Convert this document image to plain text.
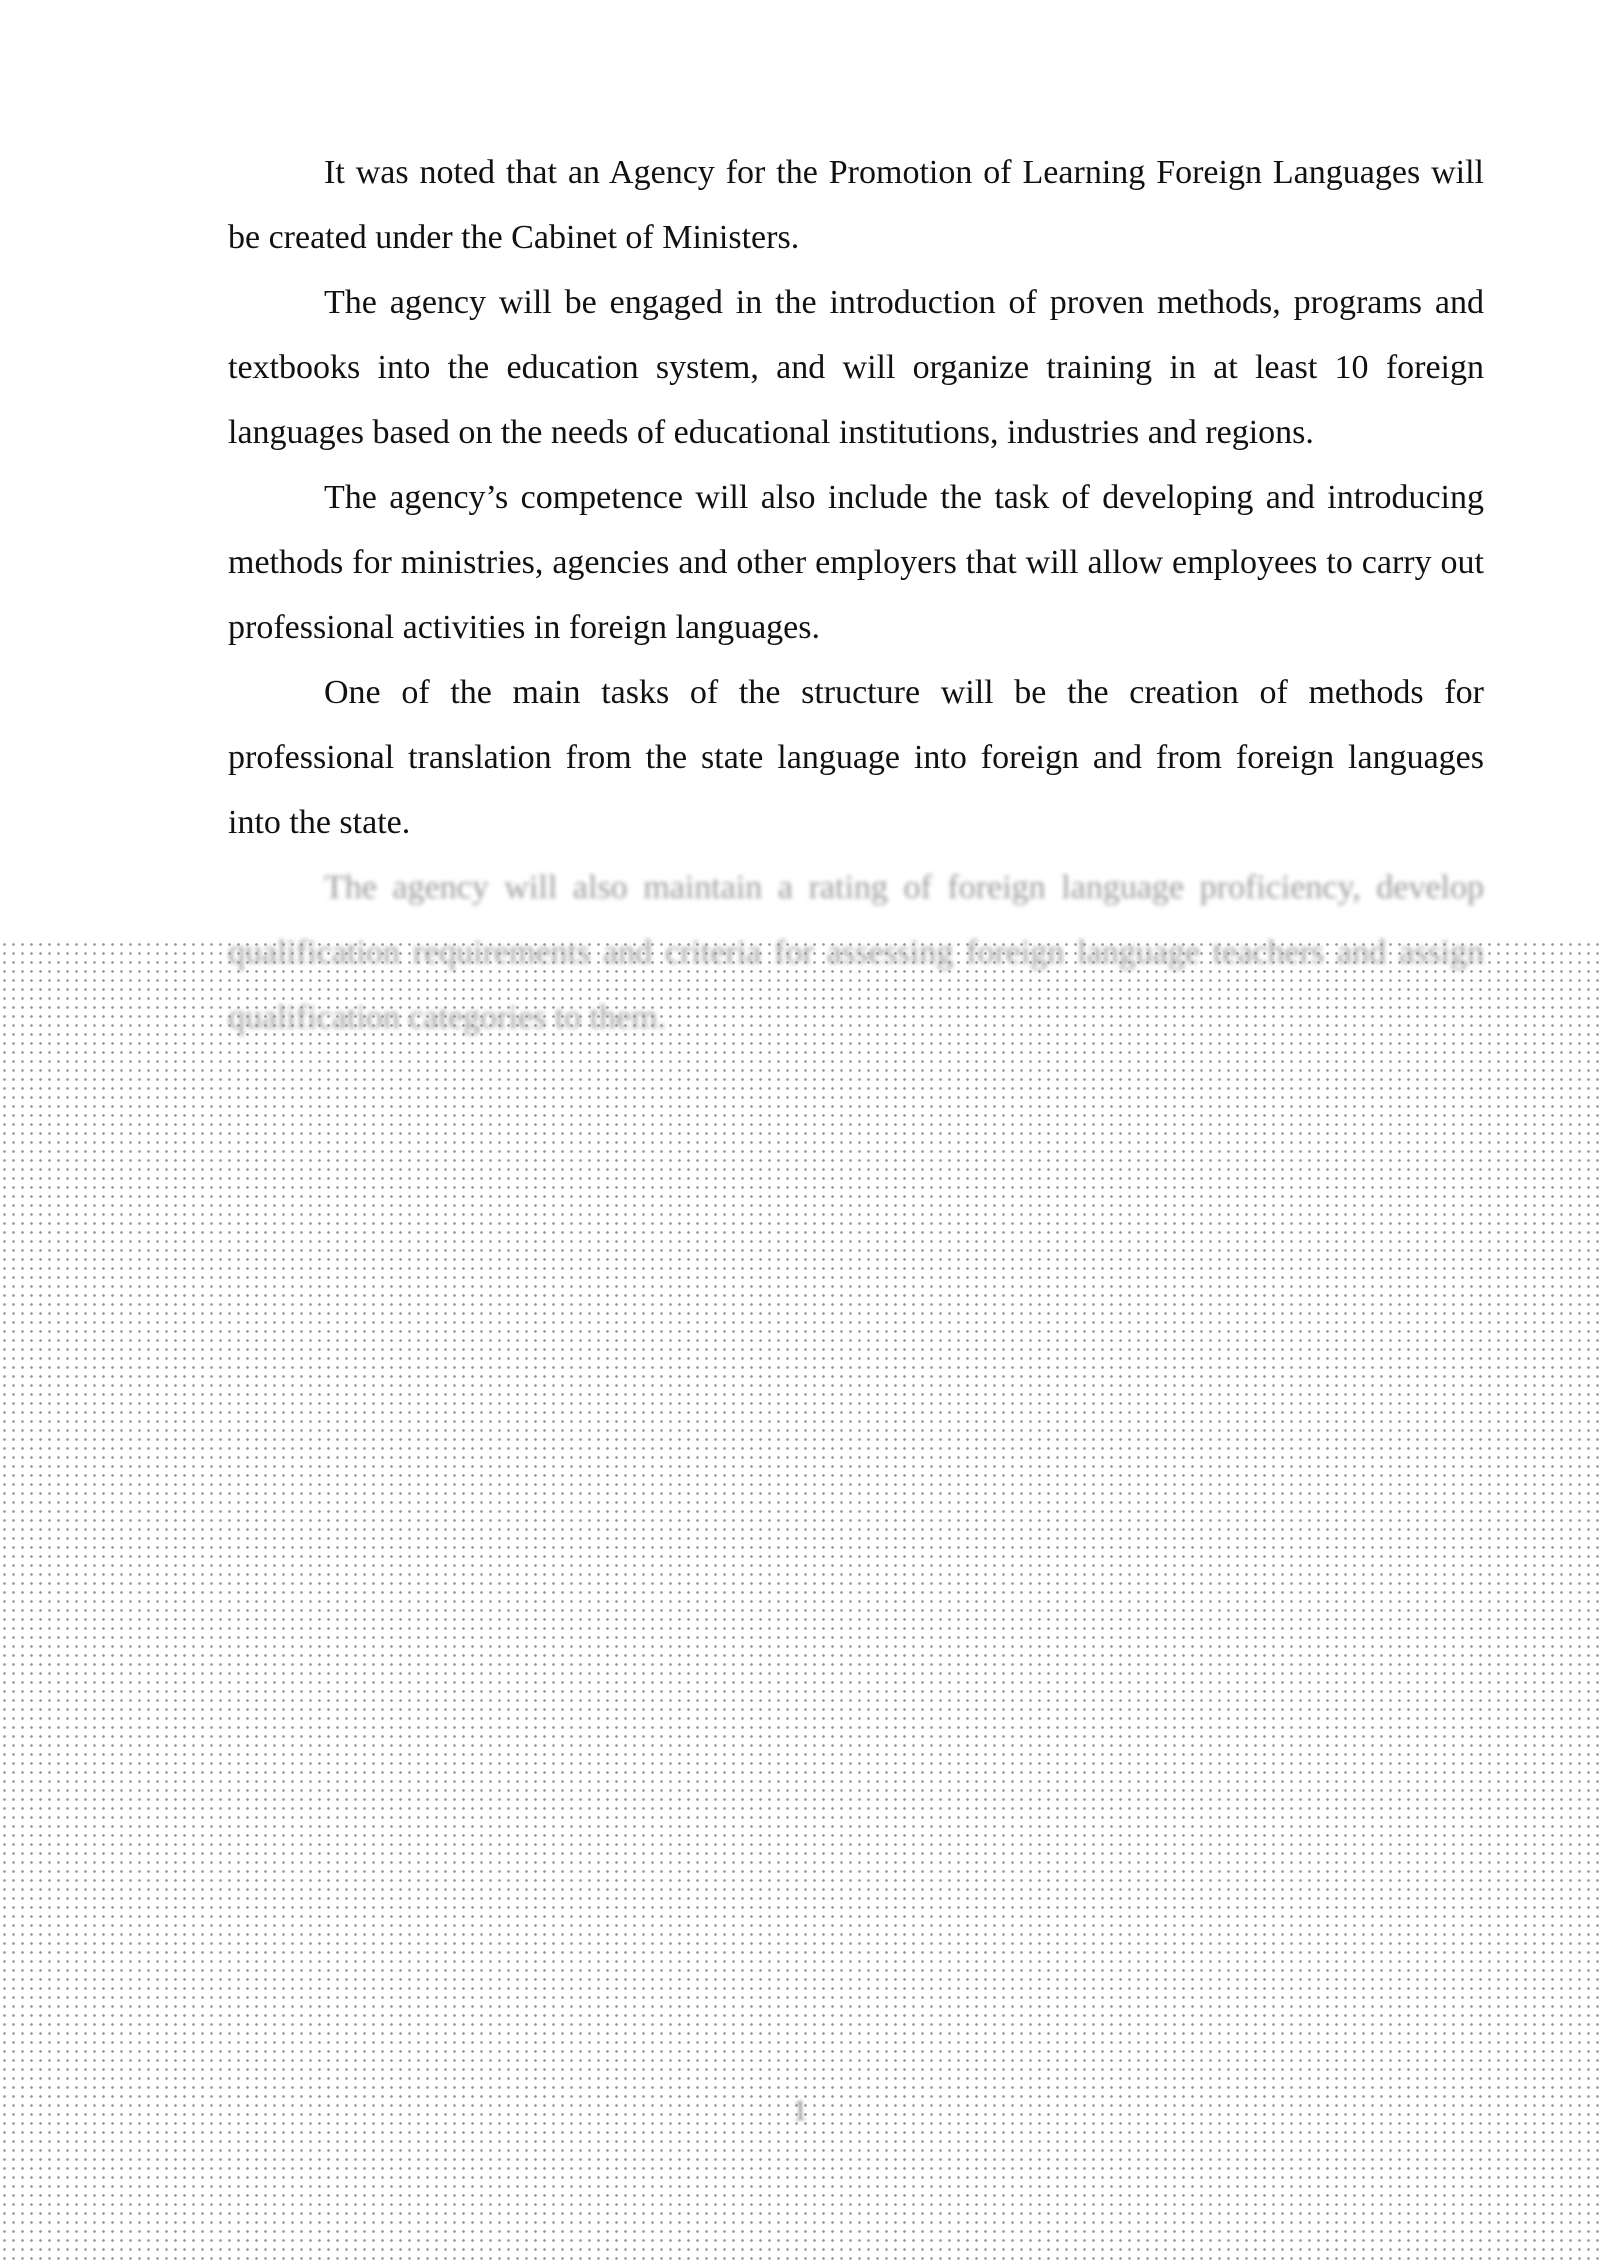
It was noted that an Agency for the Promotion of Learning Foreign Languages will be created under the Cabinet of Ministers.

The agency will be engaged in the introduction of proven methods, programs and textbooks into the education system, and will organize training in at least 10 foreign languages based on the needs of educational institutions, industries and regions.

The agency’s competence will also include the task of developing and introducing methods for ministries, agencies and other employers that will allow employees to carry out professional activities in foreign languages.

One of the main tasks of the structure will be the creation of methods for professional translation from the state language into foreign and from foreign languages into the state.

The agency will also maintain a rating of foreign language proficiency, develop qualification requirements and criteria for assessing foreign language teachers and assign qualification categories to them.

1
